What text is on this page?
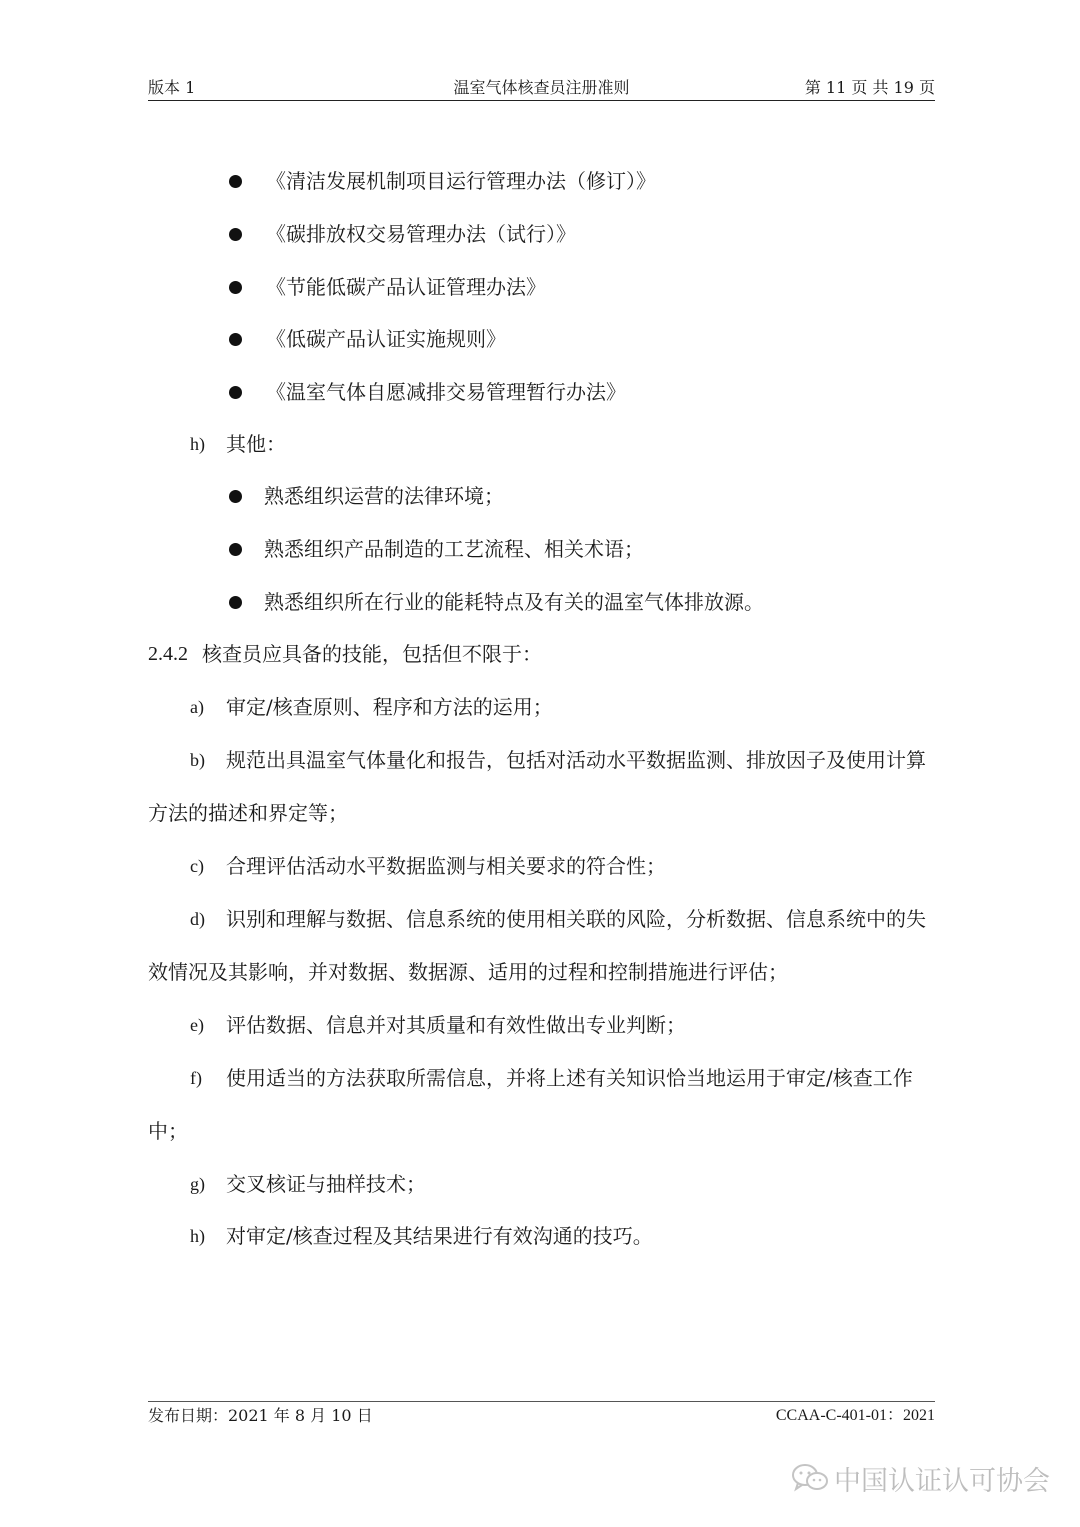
版本 1	温室气体核查员注册准则	第 11 页 共 19 页
《清洁发展机制项目运行管理办法（修订）》
《碳排放权交易管理办法（试行）》
《节能低碳产品认证管理办法》
《低碳产品认证实施规则》
《温室气体自愿减排交易管理暂行办法》
h) 其他：
熟悉组织运营的法律环境；
熟悉组织产品制造的工艺流程、相关术语；
熟悉组织所在行业的能耗特点及有关的温室气体排放源。
2.4.2 核查员应具备的技能，包括但不限于：
a) 审定/核查原则、程序和方法的运用；
b) 规范出具温室气体量化和报告，包括对活动水平数据监测、排放因子及使用计算
方法的描述和界定等；
c) 合理评估活动水平数据监测与相关要求的符合性；
d) 识别和理解与数据、信息系统的使用相关联的风险，分析数据、信息系统中的失
效情况及其影响，并对数据、数据源、适用的过程和控制措施进行评估；
e) 评估数据、信息并对其质量和有效性做出专业判断；
f) 使用适当的方法获取所需信息，并将上述有关知识恰当地运用于审定/核查工作
中；
g) 交叉核证与抽样技术；
h) 对审定/核查过程及其结果进行有效沟通的技巧。
发布日期：2021 年 8 月 10 日	CCAA-C-401-01：2021
中国认证认可协会
